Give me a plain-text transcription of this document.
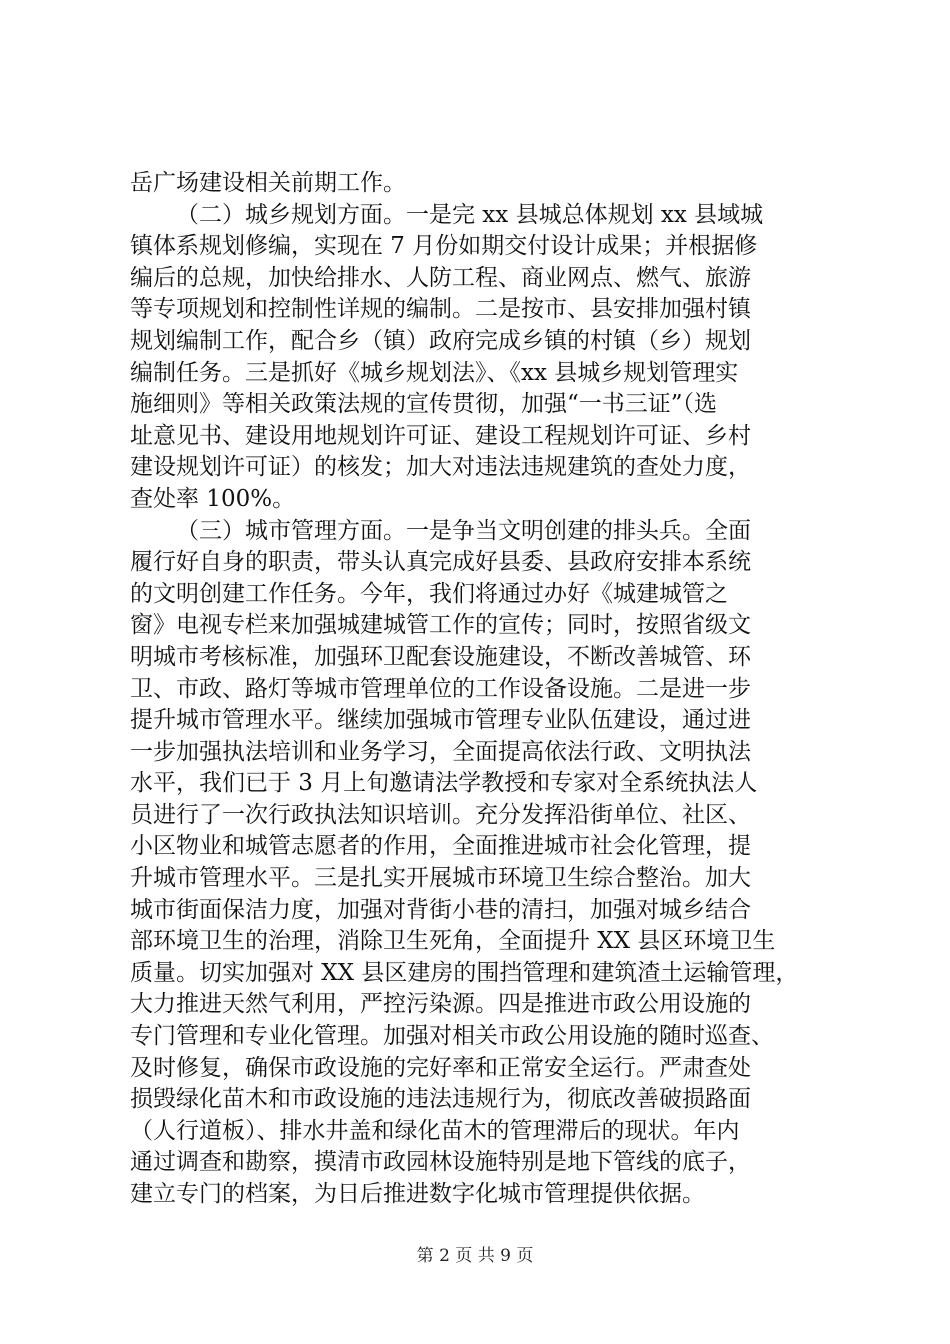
岳广场建设相关前期工作。
（二）城乡规划方面。一是完 xx 县城总体规划 xx 县域城
镇体系规划修编，实现在 7 月份如期交付设计成果；并根据修
编后的总规，加快给排水、人防工程、商业网点、燃气、旅游
等专项规划和控制性详规的编制。二是按市、县安排加强村镇
规划编制工作，配合乡（镇）政府完成乡镇的村镇（乡）规划
编制任务。三是抓好《城乡规划法》、《xx 县城乡规划管理实
施细则》等相关政策法规的宣传贯彻，加强“一书三证”（选
址意见书、建设用地规划许可证、建设工程规划许可证、乡村
建设规划许可证）的核发；加大对违法违规建筑的查处力度，
查处率 100%。
（三）城市管理方面。一是争当文明创建的排头兵。全面
履行好自身的职责，带头认真完成好县委、县政府安排本系统
的文明创建工作任务。今年，我们将通过办好《城建城管之
窗》电视专栏来加强城建城管工作的宣传；同时，按照省级文
明城市考核标准，加强环卫配套设施建设，不断改善城管、环
卫、市政、路灯等城市管理单位的工作设备设施。二是进一步
提升城市管理水平。继续加强城市管理专业队伍建设，通过进
一步加强执法培训和业务学习，全面提高依法行政、文明执法
水平，我们已于 3 月上旬邀请法学教授和专家对全系统执法人
员进行了一次行政执法知识培训。充分发挥沿街单位、社区、
小区物业和城管志愿者的作用，全面推进城市社会化管理，提
升城市管理水平。三是扎实开展城市环境卫生综合整治。加大
城市街面保洁力度，加强对背街小巷的清扫，加强对城乡结合
部环境卫生的治理，消除卫生死角，全面提升 XX 县区环境卫生
质量。切实加强对 XX 县区建房的围挡管理和建筑渣土运输管理，
大力推进天然气利用，严控污染源。四是推进市政公用设施的
专门管理和专业化管理。加强对相关市政公用设施的随时巡查、
及时修复，确保市政设施的完好率和正常安全运行。严肃查处
损毁绿化苗木和市政设施的违法违规行为，彻底改善破损路面
（人行道板）、排水井盖和绿化苗木的管理滞后的现状。年内
通过调查和勘察，摸清市政园林设施特别是地下管线的底子，
建立专门的档案，为日后推进数字化城市管理提供依据。
第 2 页 共 9 页
